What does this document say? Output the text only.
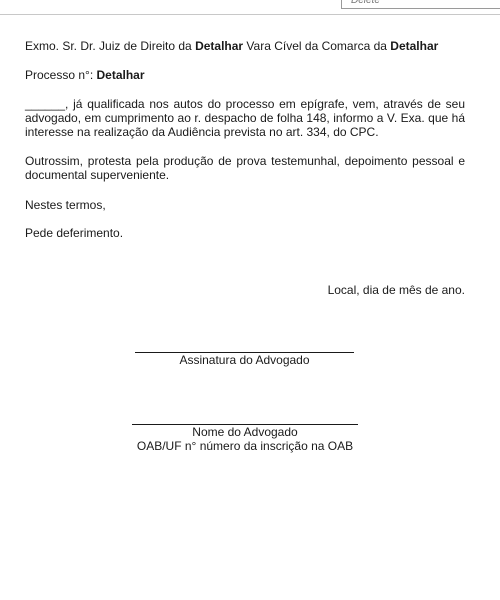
Delete

Exmo. Sr. Dr. Juiz de Direito da Detalhar Vara Cível da Comarca da Detalhar

Processo n°: Detalhar

______, já qualificada nos autos do processo em epígrafe, vem, através de seu advogado, em cumprimento ao r. despacho de folha 148, informo a V. Exa. que há interesse na realização da Audiência prevista no art. 334, do CPC.

Outrossim, protesta pela produção de prova testemunhal, depoimento pessoal e documental superveniente.

Nestes termos,

Pede deferimento.

Local, dia de mês de ano.

Assinatura do Advogado

Nome do Advogado

OAB/UF n° número da inscrição na OAB
